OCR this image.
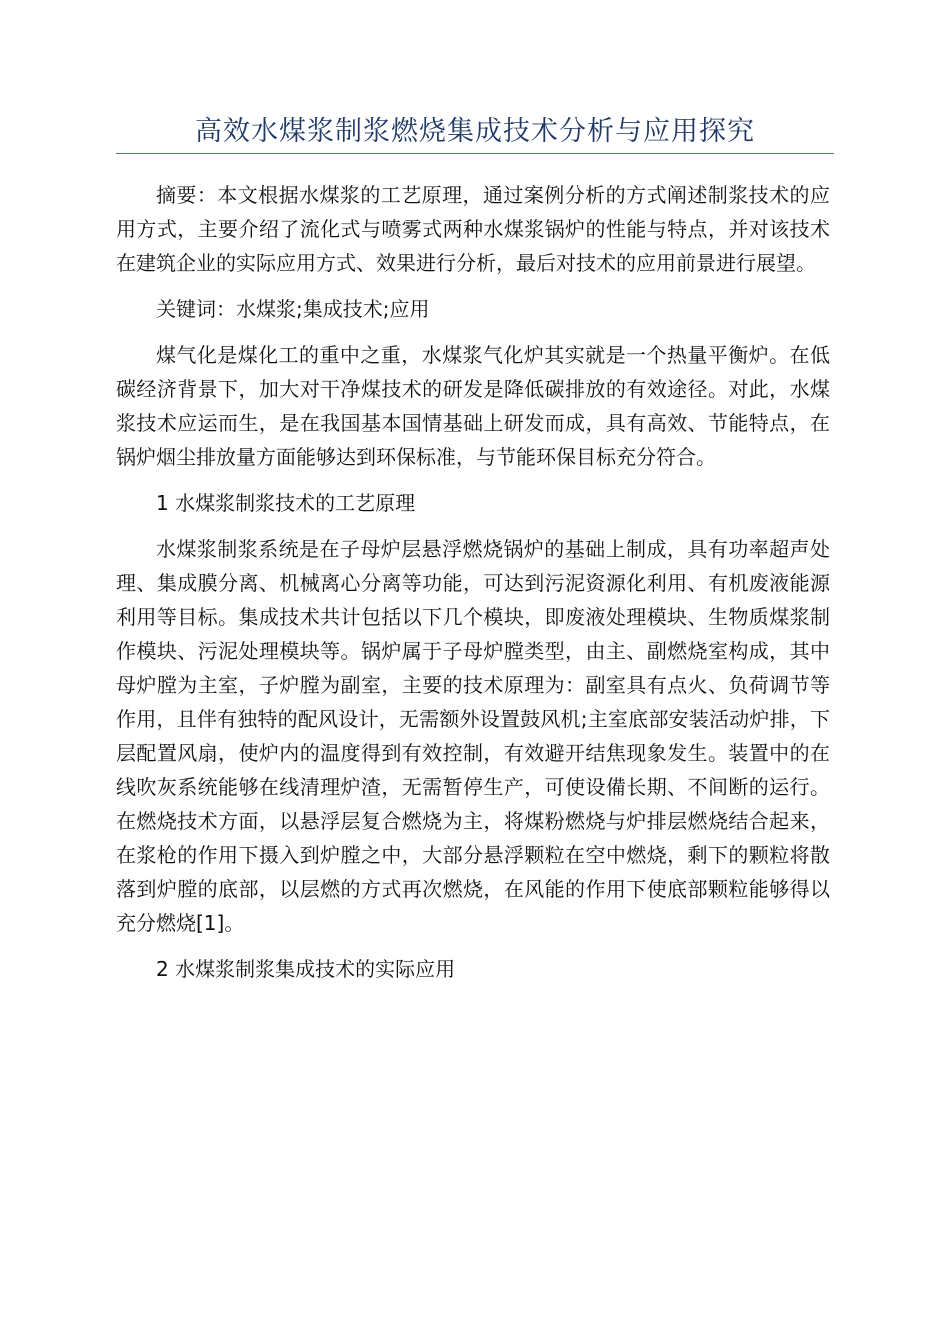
高效水煤浆制浆燃烧集成技术分析与应用探究

摘要：本文根据水煤浆的工艺原理，通过案例分析的方式阐述制浆技术的应用方式，主要介绍了流化式与喷雾式两种水煤浆锅炉的性能与特点，并对该技术在建筑企业的实际应用方式、效果进行分析，最后对技术的应用前景进行展望。

关键词：水煤浆;集成技术;应用

煤气化是煤化工的重中之重，水煤浆气化炉其实就是一个热量平衡炉。在低碳经济背景下，加大对干净煤技术的研发是降低碳排放的有效途径。对此，水煤浆技术应运而生，是在我国基本国情基础上研发而成，具有高效、节能特点，在锅炉烟尘排放量方面能够达到环保标准，与节能环保目标充分符合。

1 水煤浆制浆技术的工艺原理

水煤浆制浆系统是在子母炉层悬浮燃烧锅炉的基础上制成，具有功率超声处理、集成膜分离、机械离心分离等功能，可达到污泥资源化利用、有机废液能源利用等目标。集成技术共计包括以下几个模块，即废液处理模块、生物质煤浆制作模块、污泥处理模块等。锅炉属于子母炉膛类型，由主、副燃烧室构成，其中母炉膛为主室，子炉膛为副室，主要的技术原理为：副室具有点火、负荷调节等作用，且伴有独特的配风设计，无需额外设置鼓风机;主室底部安装活动炉排，下层配置风扇，使炉内的温度得到有效控制，有效避开结焦现象发生。装置中的在线吹灰系统能够在线清理炉渣，无需暂停生产，可使设備长期、不间断的运行。在燃烧技术方面，以悬浮层复合燃烧为主，将煤粉燃烧与炉排层燃烧结合起来，在浆枪的作用下摄入到炉膛之中，大部分悬浮颗粒在空中燃烧，剩下的颗粒将散落到炉膛的底部，以层燃的方式再次燃烧，在风能的作用下使底部颗粒能够得以充分燃烧[1]。

2 水煤浆制浆集成技术的实际应用
